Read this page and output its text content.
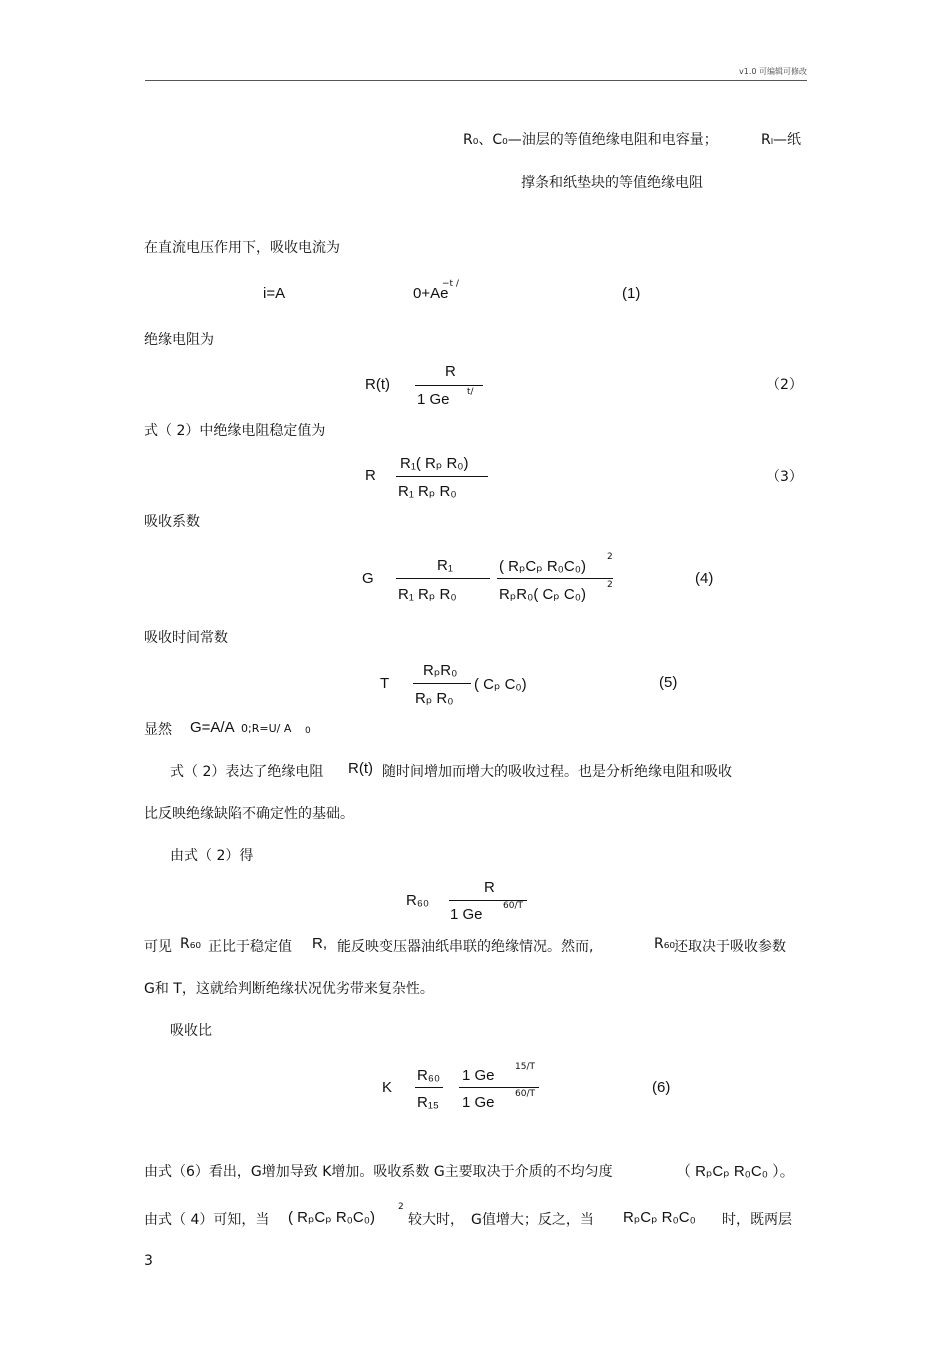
v1.0 可编辑可修改
R₀、C₀—油层的等值绝缘电阻和电容量；	Rₗ—纸
撑条和纸垫块的等值绝缘电阻
在直流电压作用下，吸收电流为
i=A	0+Ae
−t /
(1)
绝缘电阻为
R(t)
R
1 Ge t/	（2）
式（ 2）中绝缘电阻稳定值为
R
R₁( Rₚ R₀)
R₁ Rₚ R₀
（3）
吸收系数
G
R₁
R₁ Rₚ R₀
( RₚCₚ R₀C₀)
2
RₚR₀( Cₚ C₀)
2	(4)
吸收时间常数
T
RₚR₀
Rₚ R₀
( Cₚ C₀)	(5)
显然 G=A/A 0;R=U/ A 0
式（ 2）表达了绝缘电阻 R(t) 随时间增加而增大的吸收过程。也是分析绝缘电阻和吸收
比反映绝缘缺陷不确定性的基础。
由式（ 2）得
R₆₀
R
1 Ge 60/T
可见 R₆₀ 正比于稳定值 R, 能反映变压器油纸串联的绝缘情况。然而,	R₆₀ 还取决于吸收参数
G和 T，这就给判断绝缘状况优劣带来复杂性。
吸收比
K
R₆₀
R₁₅
1 Ge 15/T
1 Ge 60/T	(6)
由式（6）看出，G增加导致 K增加。吸收系数 G主要取决于介质的不均匀度	（ RₚCₚ R₀C₀ ）。
由式（ 4）可知，当 ( RₚCₚ R₀C₀)
2
较大时， G值增大；反之，当 RₚCₚ R₀C₀ 时，既两层
3
